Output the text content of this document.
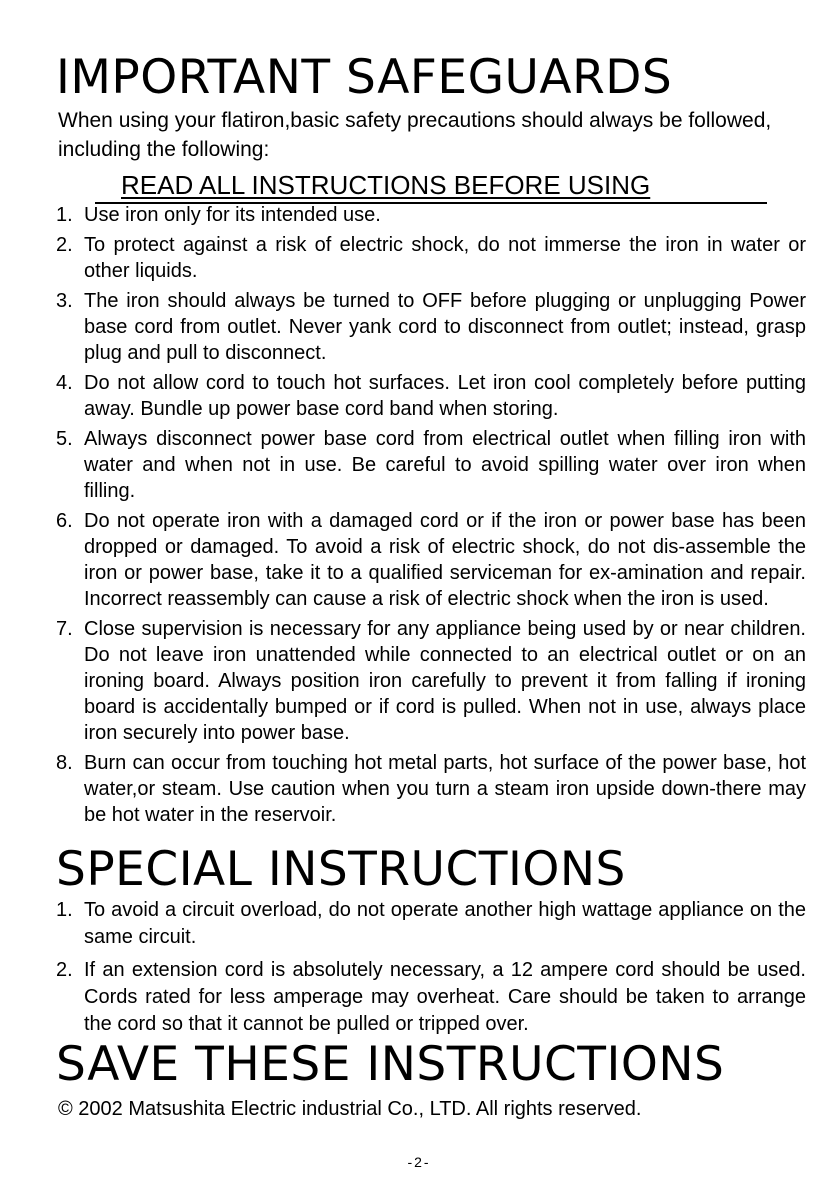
IMPORTANT SAFEGUARDS

When using your flatiron,basic safety precautions should always be followed, including the following:

READ ALL INSTRUCTIONS BEFORE USING
1. Use iron only for its intended use.
2. To protect against a risk of electric shock, do not immerse the iron in water or other liquids.
3. The iron should always be turned to OFF before plugging or unplugging Power base cord from outlet. Never yank cord to disconnect from outlet; instead, grasp plug and pull to disconnect.
4. Do not allow cord to touch hot surfaces. Let iron cool completely before putting away. Bundle up power base cord band when storing.
5. Always disconnect power base cord from electrical outlet when filling iron with water and when not in use. Be careful to avoid spilling water over iron when filling.
6. Do not operate iron with a damaged cord or if the iron or power base has been dropped or damaged. To avoid a risk of electric shock, do not dis-assemble the iron or power base, take it to a qualified serviceman for ex-amination and repair. Incorrect reassembly can cause a risk of electric shock when the iron is used.
7. Close supervision is necessary for any appliance being used by or near children. Do not leave iron unattended while connected to an electrical outlet or on an ironing board. Always position iron carefully to prevent it from falling if ironing board is accidentally bumped or if cord is pulled. When not in use, always place iron securely into power base.
8. Burn can occur from touching hot metal parts, hot surface of the power base, hot water,or steam. Use caution when you turn a steam iron upside down-there may be hot water in the reservoir.
SPECIAL INSTRUCTIONS
1. To avoid a circuit overload, do not operate another high wattage appliance on the same circuit.
2. If an extension cord is absolutely necessary, a 12 ampere cord should be used. Cords rated for less amperage may overheat. Care should be taken to arrange the cord so that it cannot be pulled or tripped over.
SAVE THESE INSTRUCTIONS

© 2002 Matsushita Electric industrial Co., LTD. All rights reserved.

-2-
